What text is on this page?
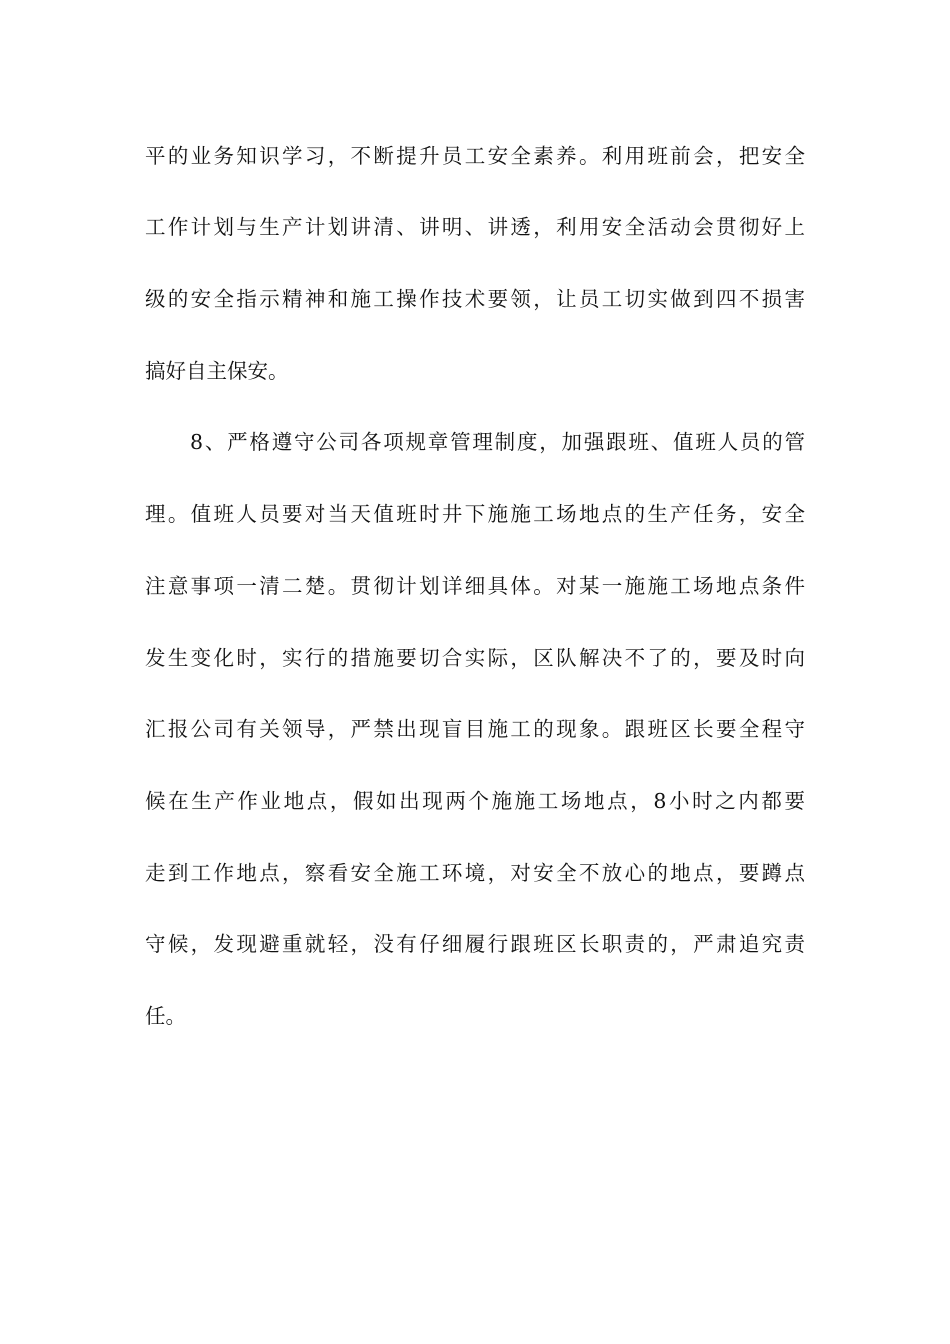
平的业务知识学习，不断提升员工安全素养。利用班前会，把安全
工作计划与生产计划讲清、讲明、讲透，利用安全活动会贯彻好上
级的安全指示精神和施工操作技术要领，让员工切实做到四不损害
搞好自主保安。
8、严格遵守公司各项规章管理制度，加强跟班、值班人员的管
理。值班人员要对当天值班时井下施施工场地点的生产任务，安全
注意事项一清二楚。贯彻计划详细具体。对某一施施工场地点条件
发生变化时，实行的措施要切合实际，区队解决不了的，要及时向
汇报公司有关领导，严禁出现盲目施工的现象。跟班区长要全程守
候在生产作业地点，假如出现两个施施工场地点，8小时之内都要
走到工作地点，察看安全施工环境，对安全不放心的地点，要蹲点
守候，发现避重就轻，没有仔细履行跟班区长职责的，严肃追究责
任。
